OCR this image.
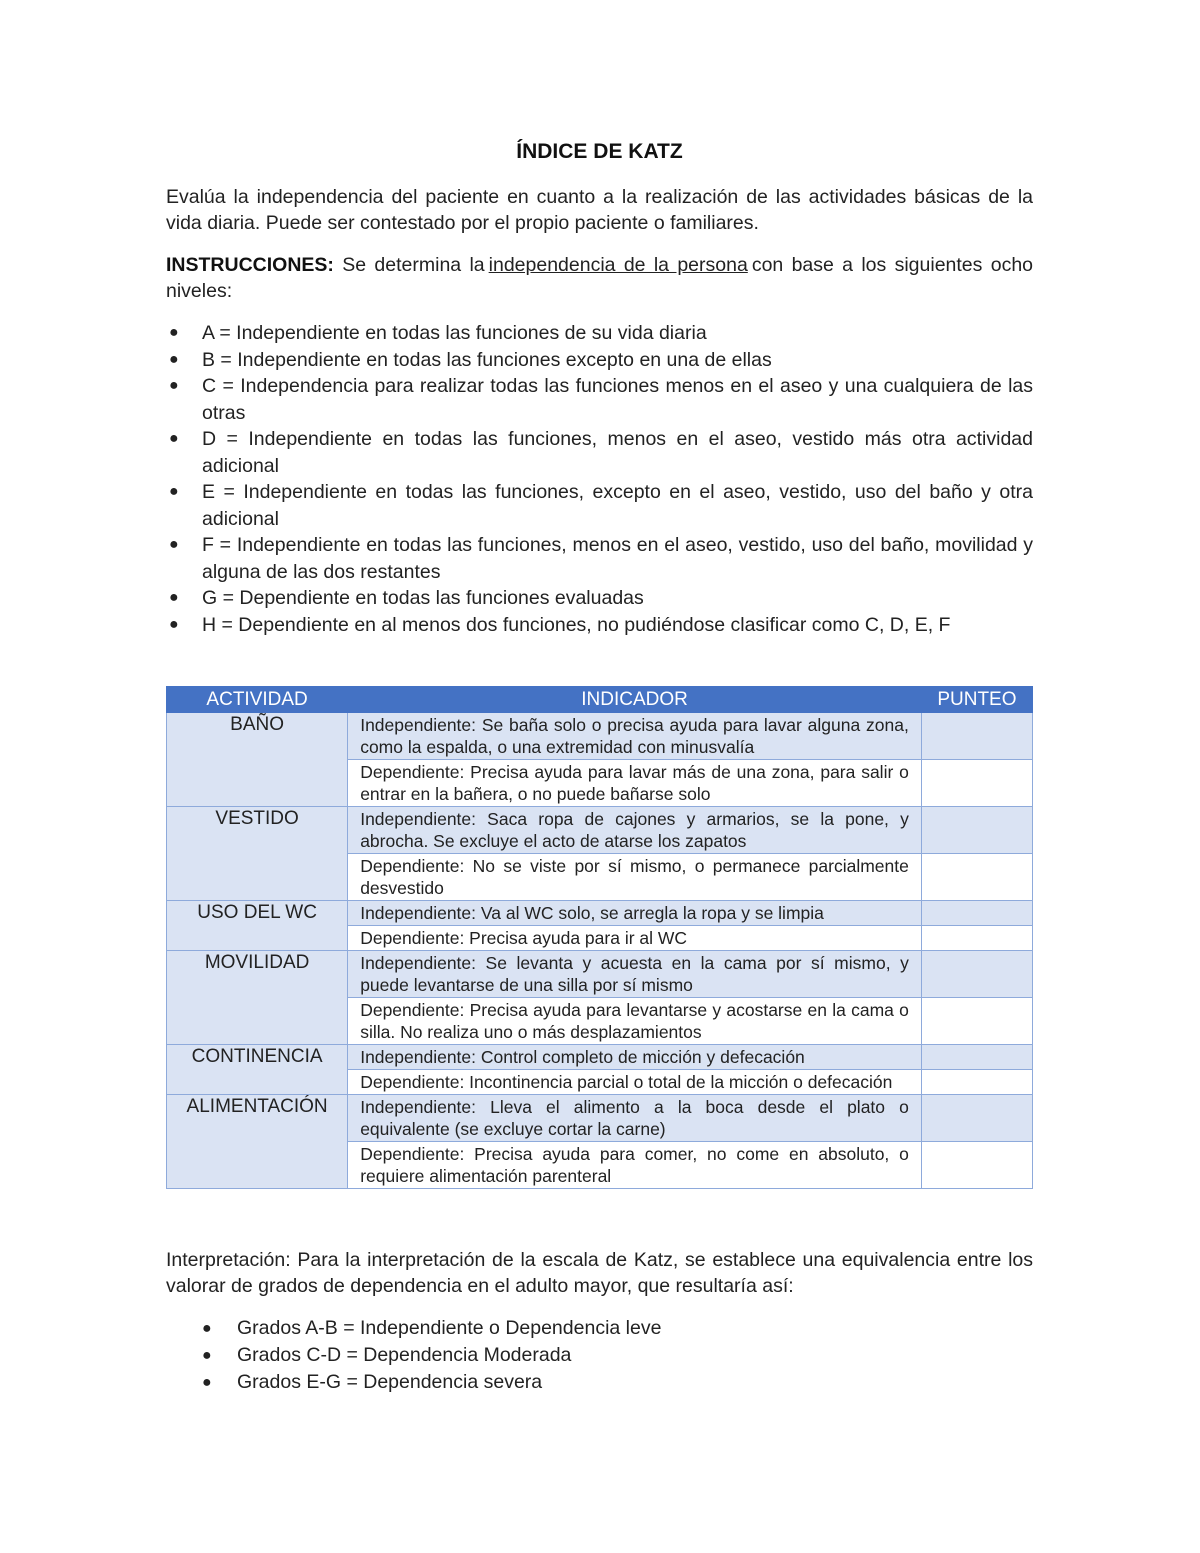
ÍNDICE DE KATZ

Evalúa la independencia del paciente en cuanto a la realización de las actividades básicas de la vida diaria. Puede ser contestado por el propio paciente o familiares.

INSTRUCCIONES: Se determina la independencia de la persona con base a los siguientes ocho niveles:

● A = Independiente en todas las funciones de su vida diaria
● B = Independiente en todas las funciones excepto en una de ellas
● C = Independencia para realizar todas las funciones menos en el aseo y una cualquiera de las otras
● D = Independiente en todas las funciones, menos en el aseo, vestido más otra actividad adicional
● E = Independiente en todas las funciones, excepto en el aseo, vestido, uso del baño y otra adicional
● F = Independiente en todas las funciones, menos en el aseo, vestido, uso del baño, movilidad y alguna de las dos restantes
● G = Dependiente en todas las funciones evaluadas
● H = Dependiente en al menos dos funciones, no pudiéndose clasificar como C, D, E, F
ACTIVIDAD	INDICADOR	PUNTEO
BAÑO	Independiente: Se baña solo o precisa ayuda para lavar alguna zona, como la espalda, o una extremidad con minusvalía	
	Dependiente: Precisa ayuda para lavar más de una zona, para salir o entrar en la bañera, o no puede bañarse solo	
VESTIDO	Independiente: Saca ropa de cajones y armarios, se la pone, y abrocha. Se excluye el acto de atarse los zapatos	
	Dependiente: No se viste por sí mismo, o permanece parcialmente desvestido	
USO DEL WC	Independiente: Va al WC solo, se arregla la ropa y se limpia	
	Dependiente: Precisa ayuda para ir al WC	
MOVILIDAD	Independiente: Se levanta y acuesta en la cama por sí mismo, y puede levantarse de una silla por sí mismo	
	Dependiente: Precisa ayuda para levantarse y acostarse en la cama o silla. No realiza uno o más desplazamientos	
CONTINENCIA	Independiente: Control completo de micción y defecación	
	Dependiente: Incontinencia parcial o total de la micción o defecación	
ALIMENTACIÓN	Independiente: Lleva el alimento a la boca desde el plato o equivalente (se excluye cortar la carne)	
	Dependiente: Precisa ayuda para comer, no come en absoluto, o requiere alimentación parenteral	

Interpretación: Para la interpretación de la escala de Katz, se establece una equivalencia entre los valorar de grados de dependencia en el adulto mayor, que resultaría así:

● Grados A-B = Independiente o Dependencia leve
● Grados C-D = Dependencia Moderada
● Grados E-G = Dependencia severa
